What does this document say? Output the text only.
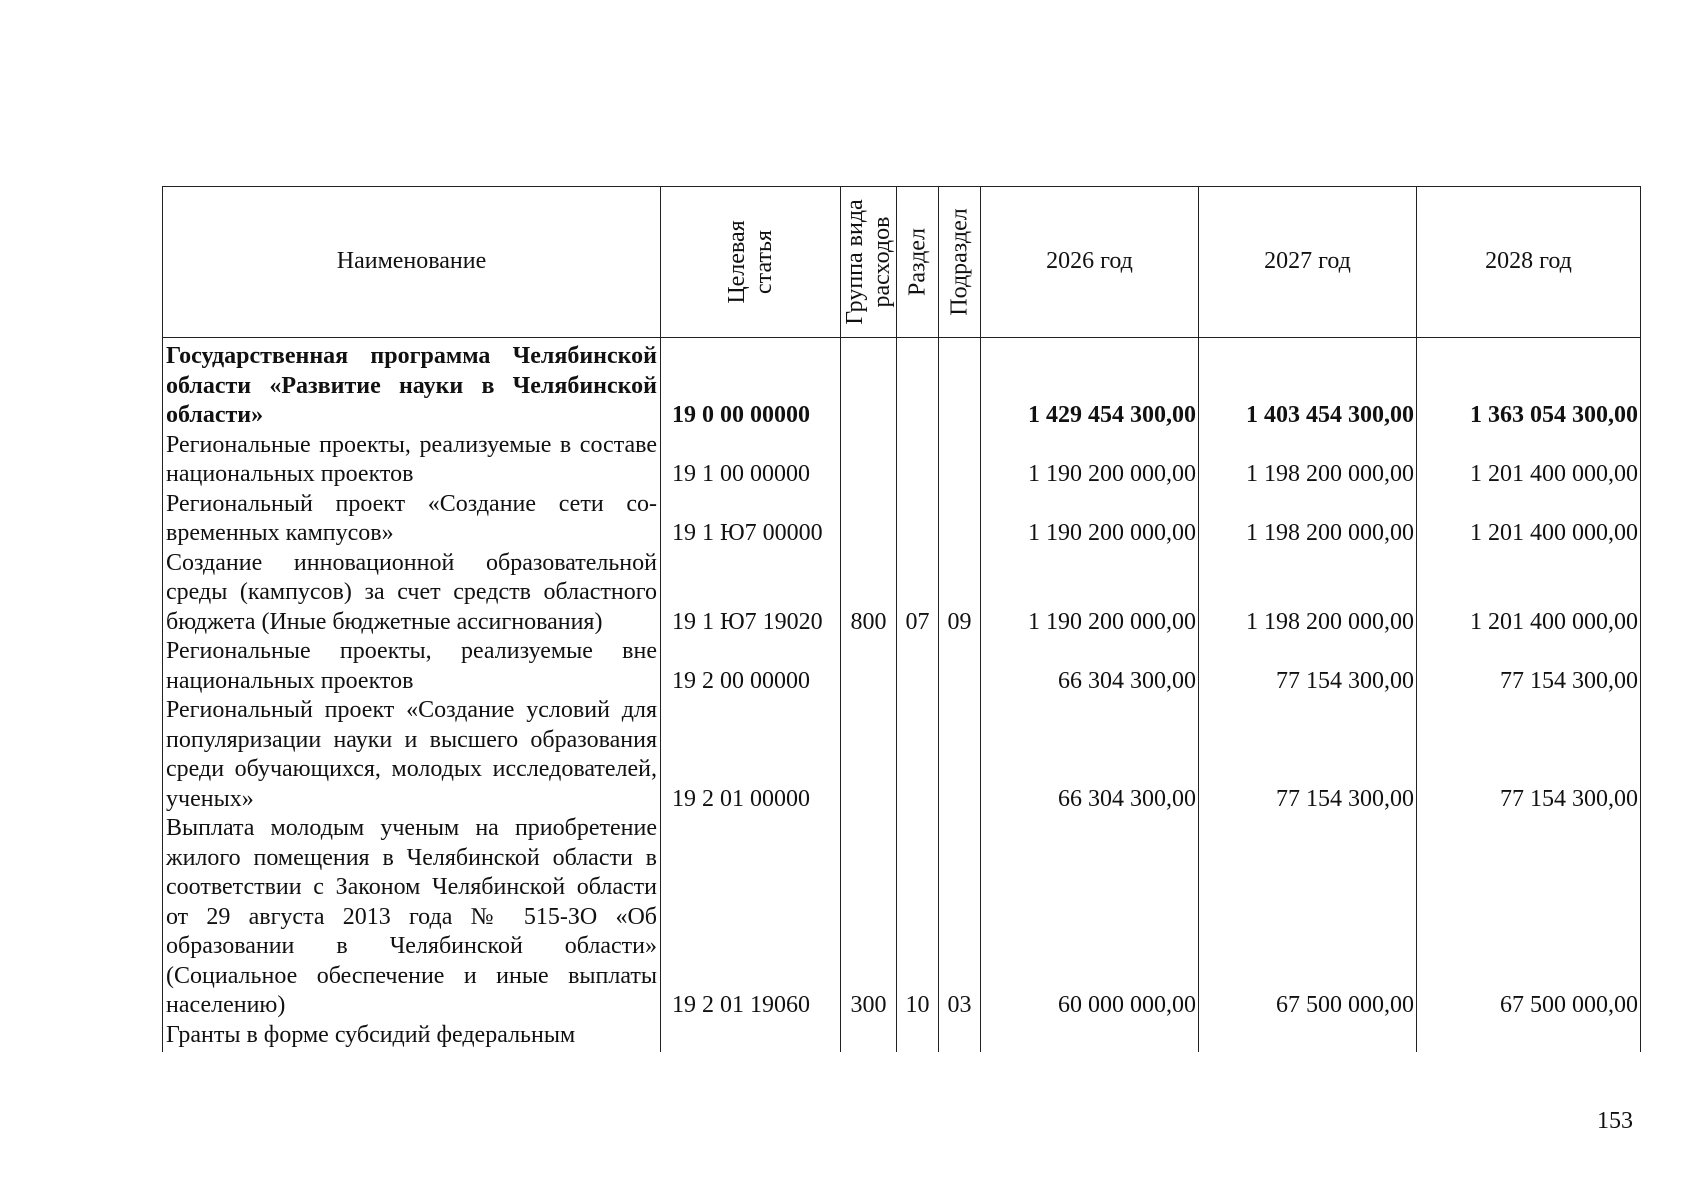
Наименование	Целевая статья	Группа вида расходов	Раздел	Подраздел	2026 год	2027 год	2028 год
Государственная программа Челябинской области «Развитие науки в Челябинской области»	19 0 00 00000				1 429 454 300,00	1 403 454 300,00	1 363 054 300,00
Региональные проекты, реализуемые в составе национальных проектов	19 1 00 00000				1 190 200 000,00	1 198 200 000,00	1 201 400 000,00
Региональный проект «Создание сети современных кампусов»	19 1 Ю7 00000				1 190 200 000,00	1 198 200 000,00	1 201 400 000,00
Создание инновационной образовательной среды (кампусов) за счет средств областного бюджета (Иные бюджетные ассигнования)	19 1 Ю7 19020	800	07	09	1 190 200 000,00	1 198 200 000,00	1 201 400 000,00
Региональные проекты, реализуемые вне национальных проектов	19 2 00 00000				66 304 300,00	77 154 300,00	77 154 300,00
Региональный проект «Создание условий для популяризации науки и высшего образования среди обучающихся, молодых исследователей, ученых»	19 2 01 00000				66 304 300,00	77 154 300,00	77 154 300,00
Выплата молодым ученым на приобретение жилого помещения в Челябинской области в соответствии с Законом Челябинской области от 29 августа 2013 года № 515-ЗО «Об образовании в Челябинской области» (Социальное обеспечение и иные выплаты населению)	19 2 01 19060	300	10	03	60 000 000,00	67 500 000,00	67 500 000,00
Гранты в форме субсидий федеральным							
153
